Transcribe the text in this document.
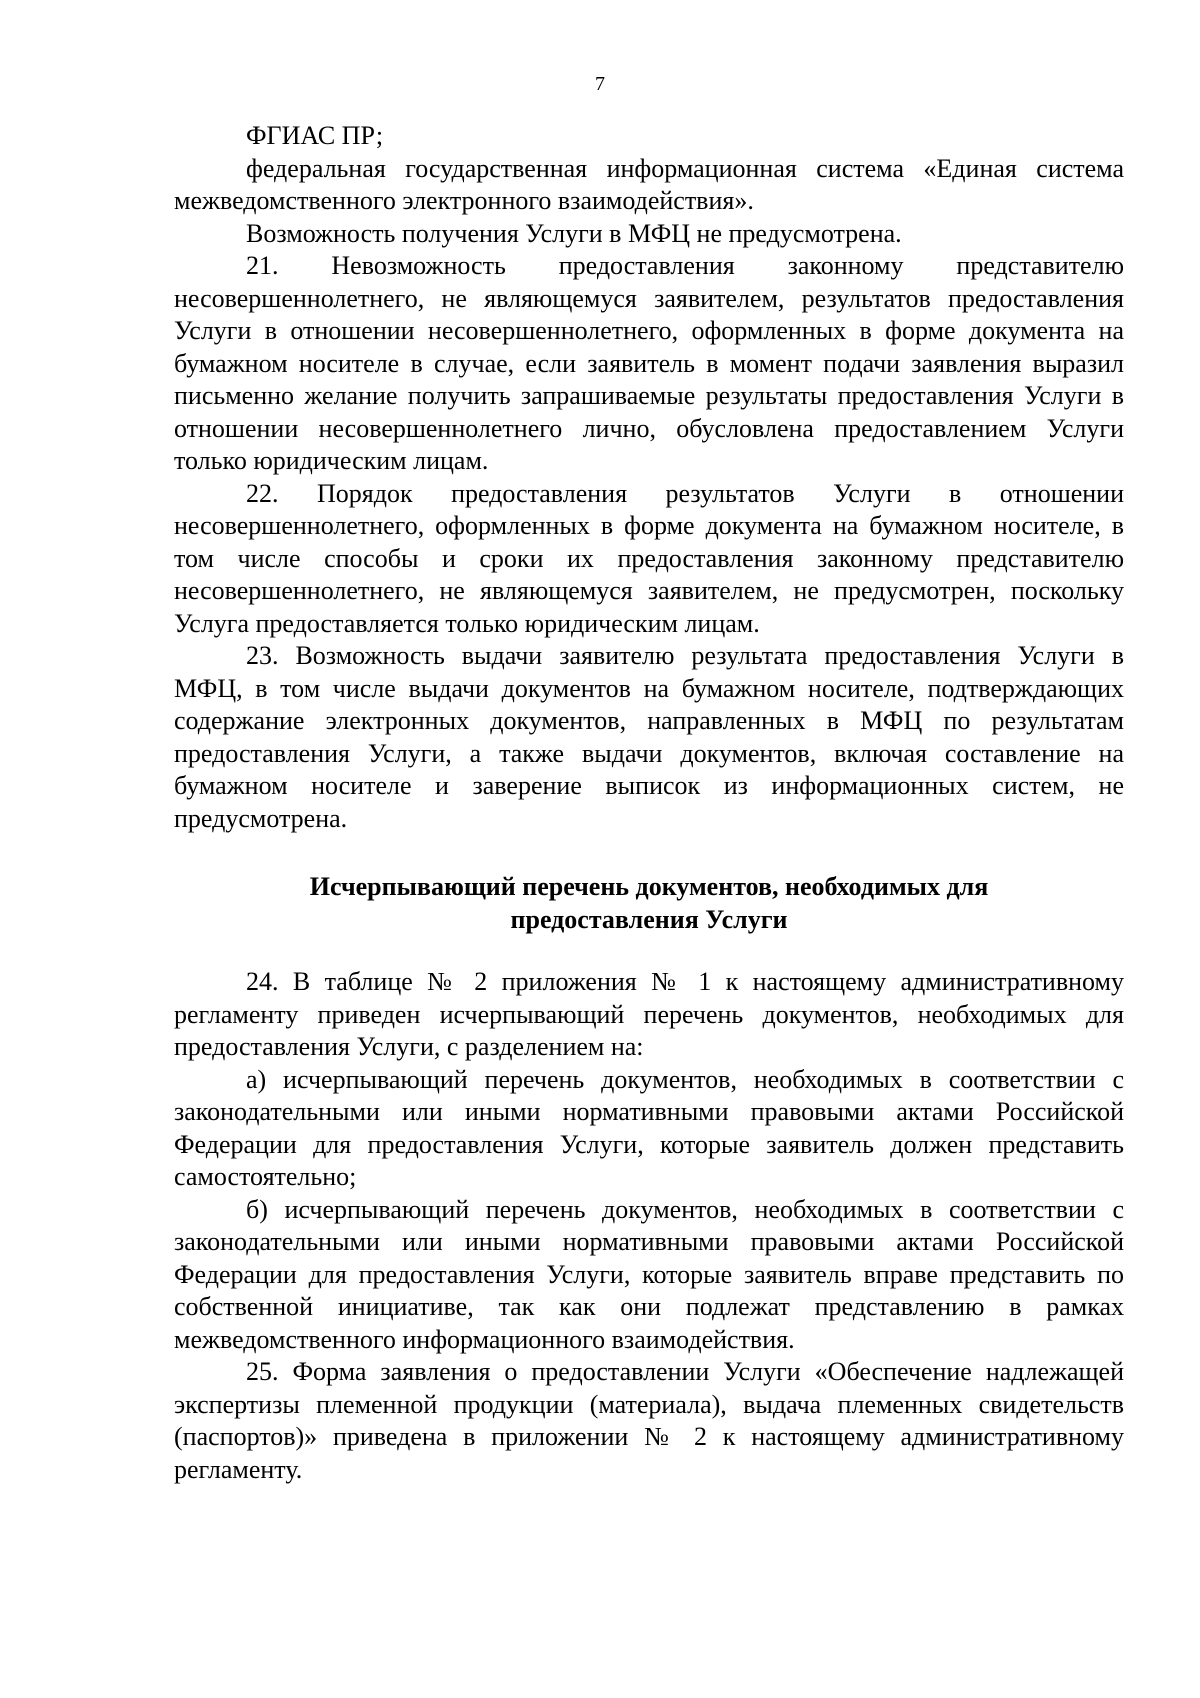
7

ФГИАС ПР;

федеральная государственная информационная система «Единая система межведомственного электронного взаимодействия».

Возможность получения Услуги в МФЦ не предусмотрена.

21. Невозможность предоставления законному представителю несовершеннолетнего, не являющемуся заявителем, результатов предоставления Услуги в отношении несовершеннолетнего, оформленных в форме документа на бумажном носителе в случае, если заявитель в момент подачи заявления выразил письменно желание получить запрашиваемые результаты предоставления Услуги в отношении несовершеннолетнего лично, обусловлена предоставлением Услуги только юридическим лицам.

22. Порядок предоставления результатов Услуги в отношении несовершеннолетнего, оформленных в форме документа на бумажном носителе, в том числе способы и сроки их предоставления законному представителю несовершеннолетнего, не являющемуся заявителем, не предусмотрен, поскольку Услуга предоставляется только юридическим лицам.

23. Возможность выдачи заявителю результата предоставления Услуги в МФЦ, в том числе выдачи документов на бумажном носителе, подтверждающих содержание электронных документов, направленных в МФЦ по результатам предоставления Услуги, а также выдачи документов, включая составление на бумажном носителе и заверение выписок из информационных систем, не предусмотрена.

Исчерпывающий перечень документов, необходимых для
предоставления Услуги

24. В таблице № 2 приложения № 1 к настоящему административному регламенту приведен исчерпывающий перечень документов, необходимых для предоставления Услуги, с разделением на:

а) исчерпывающий перечень документов, необходимых в соответствии с законодательными или иными нормативными правовыми актами Российской Федерации для предоставления Услуги, которые заявитель должен представить самостоятельно;

б) исчерпывающий перечень документов, необходимых в соответствии с законодательными или иными нормативными правовыми актами Российской Федерации для предоставления Услуги, которые заявитель вправе представить по собственной инициативе, так как они подлежат представлению в рамках межведомственного информационного взаимодействия.

25. Форма заявления о предоставлении Услуги «Обеспечение надлежащей экспертизы племенной продукции (материала), выдача племенных свидетельств (паспортов)» приведена в приложении № 2 к настоящему административному регламенту.
